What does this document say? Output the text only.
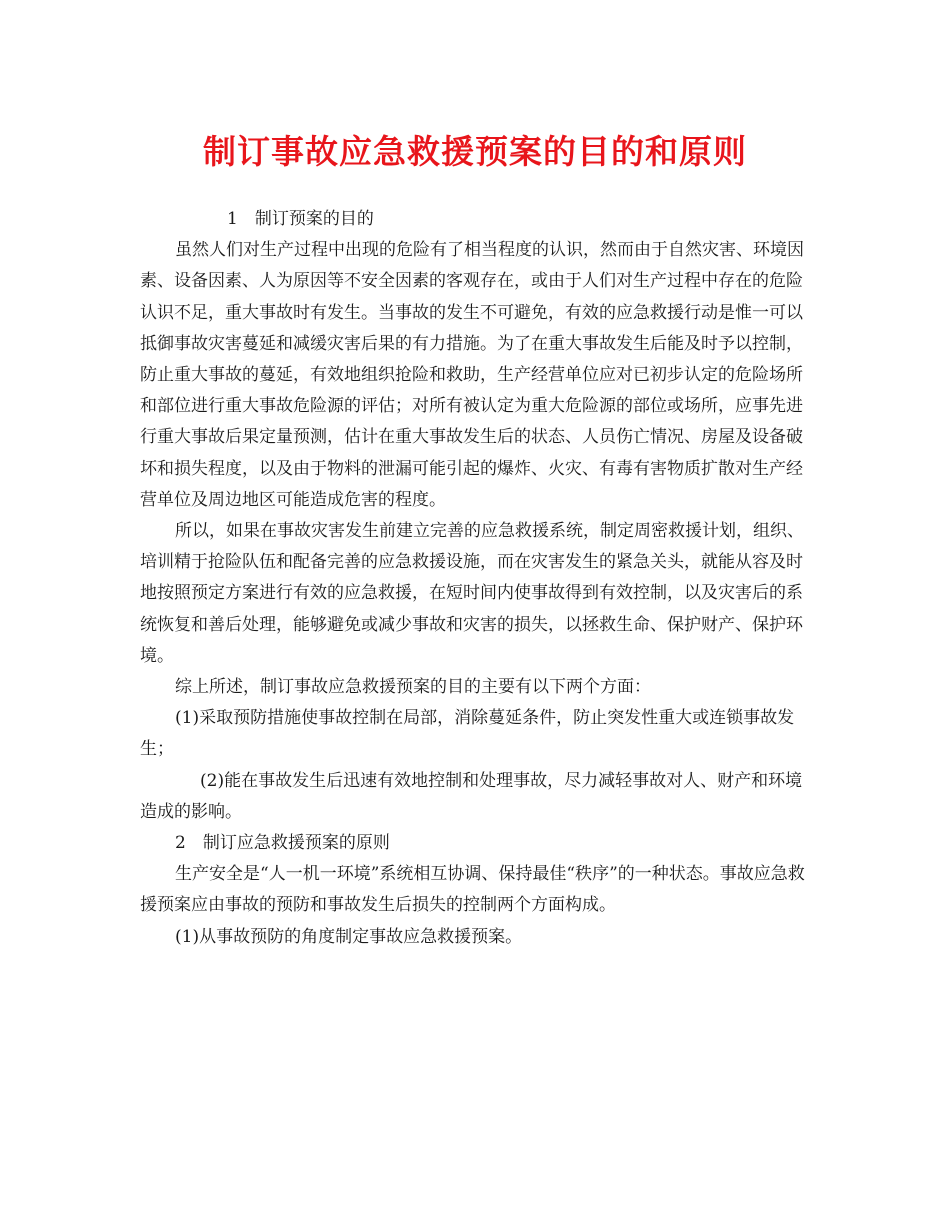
制订事故应急救援预案的目的和原则

1　制订预案的目的

虽然人们对生产过程中出现的危险有了相当程度的认识，然而由于自然灾害、环境因素、设备因素、人为原因等不安全因素的客观存在，或由于人们对生产过程中存在的危险认识不足，重大事故时有发生。当事故的发生不可避免，有效的应急救援行动是惟一可以抵御事故灾害蔓延和减缓灾害后果的有力措施。为了在重大事故发生后能及时予以控制，防止重大事故的蔓延，有效地组织抢险和救助，生产经营单位应对已初步认定的危险场所和部位进行重大事故危险源的评估；对所有被认定为重大危险源的部位或场所，应事先进行重大事故后果定量预测，估计在重大事故发生后的状态、人员伤亡情况、房屋及设备破坏和损失程度，以及由于物料的泄漏可能引起的爆炸、火灾、有毒有害物质扩散对生产经营单位及周边地区可能造成危害的程度。

所以，如果在事故灾害发生前建立完善的应急救援系统，制定周密救援计划，组织、培训精于抢险队伍和配备完善的应急救援设施，而在灾害发生的紧急关头，就能从容及时地按照预定方案进行有效的应急救援，在短时间内使事故得到有效控制，以及灾害后的系统恢复和善后处理，能够避免或减少事故和灾害的损失，以拯救生命、保护财产、保护环境。

综上所述，制订事故应急救援预案的目的主要有以下两个方面：

(1)采取预防措施使事故控制在局部，消除蔓延条件，防止突发性重大或连锁事故发生；

(2)能在事故发生后迅速有效地控制和处理事故，尽力减轻事故对人、财产和环境造成的影响。

2　制订应急救援预案的原则

生产安全是“人一机一环境”系统相互协调、保持最佳“秩序”的一种状态。事故应急救援预案应由事故的预防和事故发生后损失的控制两个方面构成。

(1)从事故预防的角度制定事故应急救援预案。
